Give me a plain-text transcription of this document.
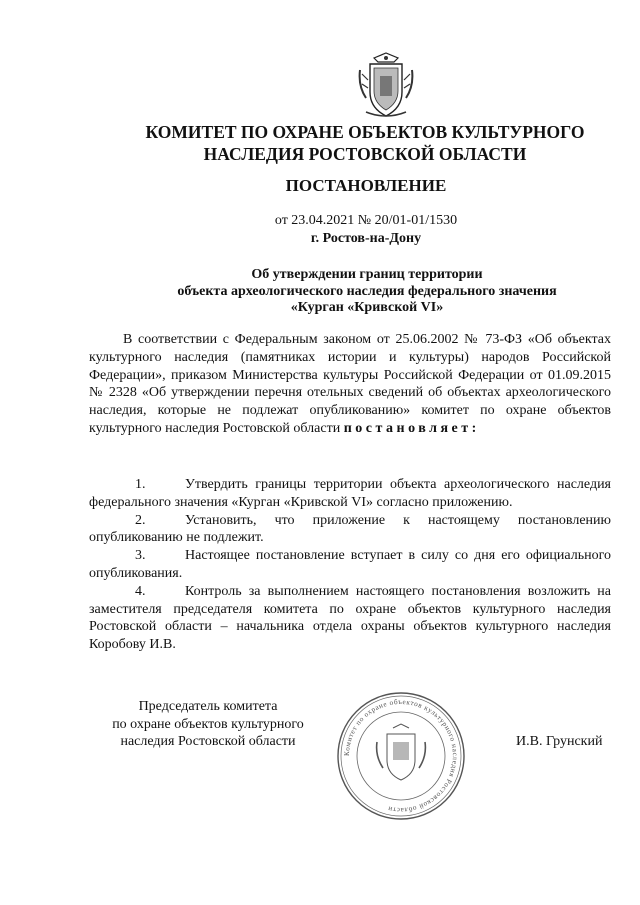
КОМИТЕТ ПО ОХРАНЕ ОБЪЕКТОВ КУЛЬТУРНОГО
НАСЛЕДИЯ РОСТОВСКОЙ ОБЛАСТИ
ПОСТАНОВЛЕНИЕ
от 23.04.2021 № 20/01-01/1530
г. Ростов-на-Дону
Об утверждении границ территории
объекта археологического наследия федерального значения
«Курган «Кривской VI»

В соответствии с Федеральным законом от 25.06.2002 № 73-ФЗ «Об объектах культурного наследия (памятниках истории и культуры) народов Российской Федерации», приказом Министерства культуры Российской Федерации от 01.09.2015 № 2328 «Об утверждении перечня отельных сведений об объектах археологического наследия, которые не подлежат опубликованию» комитет по охране объектов культурного наследия Ростовской области постановляет:

1.	Утвердить границы территории объекта археологического наследия федерального значения «Курган «Кривской VI» согласно приложению.

2.	Установить, что приложение к настоящему постановлению опубликованию не подлежит.

3.	Настоящее постановление вступает в силу со дня его официального опубликования.

4.	Контроль за выполнением настоящего постановления возложить на заместителя председателя комитета по охране объектов культурного наследия Ростовской области – начальника отдела охраны объектов культурного наследия Коробову И.В.

Председатель комитета
по охране объектов культурного
наследия Ростовской области
Комитет по охране объектов культурного наследия Ростовской области
И.В. Грунский
